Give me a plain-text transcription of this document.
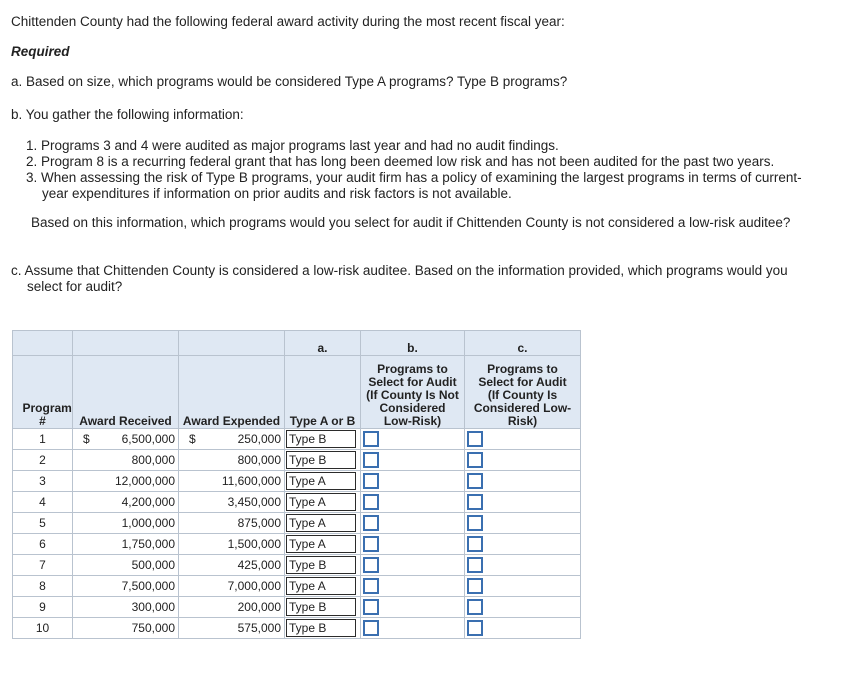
Chittenden County had the following federal award activity during the most recent fiscal year:
Required
a. Based on size, which programs would be considered Type A programs? Type B programs?
b. You gather the following information:
1. Programs 3 and 4 were audited as major programs last year and had no audit findings.
2. Program 8 is a recurring federal grant that has long been deemed low risk and has not been audited for the past two years.
3. When assessing the risk of Type B programs, your audit firm has a policy of examining the largest programs in terms of current-
year expenditures if information on prior audits and risk factors is not available.
Based on this information, which programs would you select for audit if Chittenden County is not considered a low-risk auditee?
c. Assume that Chittenden County is considered a low-risk auditee. Based on the information provided, which programs would you
select for audit?
			a.	b.	c.

Program #	Award Received	Award Expended	Type A or B	Programs to Select for Audit (If County Is Not Considered Low-Risk)	Programs to Select for Audit (If County Is Considered Low-Risk)

1	$ 6,500,000	$ 250,000	Type B		

2	800,000	800,000	Type B		

3	12,000,000	11,600,000	Type A		

4	4,200,000	3,450,000	Type A		

5	1,000,000	875,000	Type A		

6	1,750,000	1,500,000	Type A		

7	500,000	425,000	Type B		

8	7,500,000	7,000,000	Type A		

9	300,000	200,000	Type B		

10	750,000	575,000	Type B		
